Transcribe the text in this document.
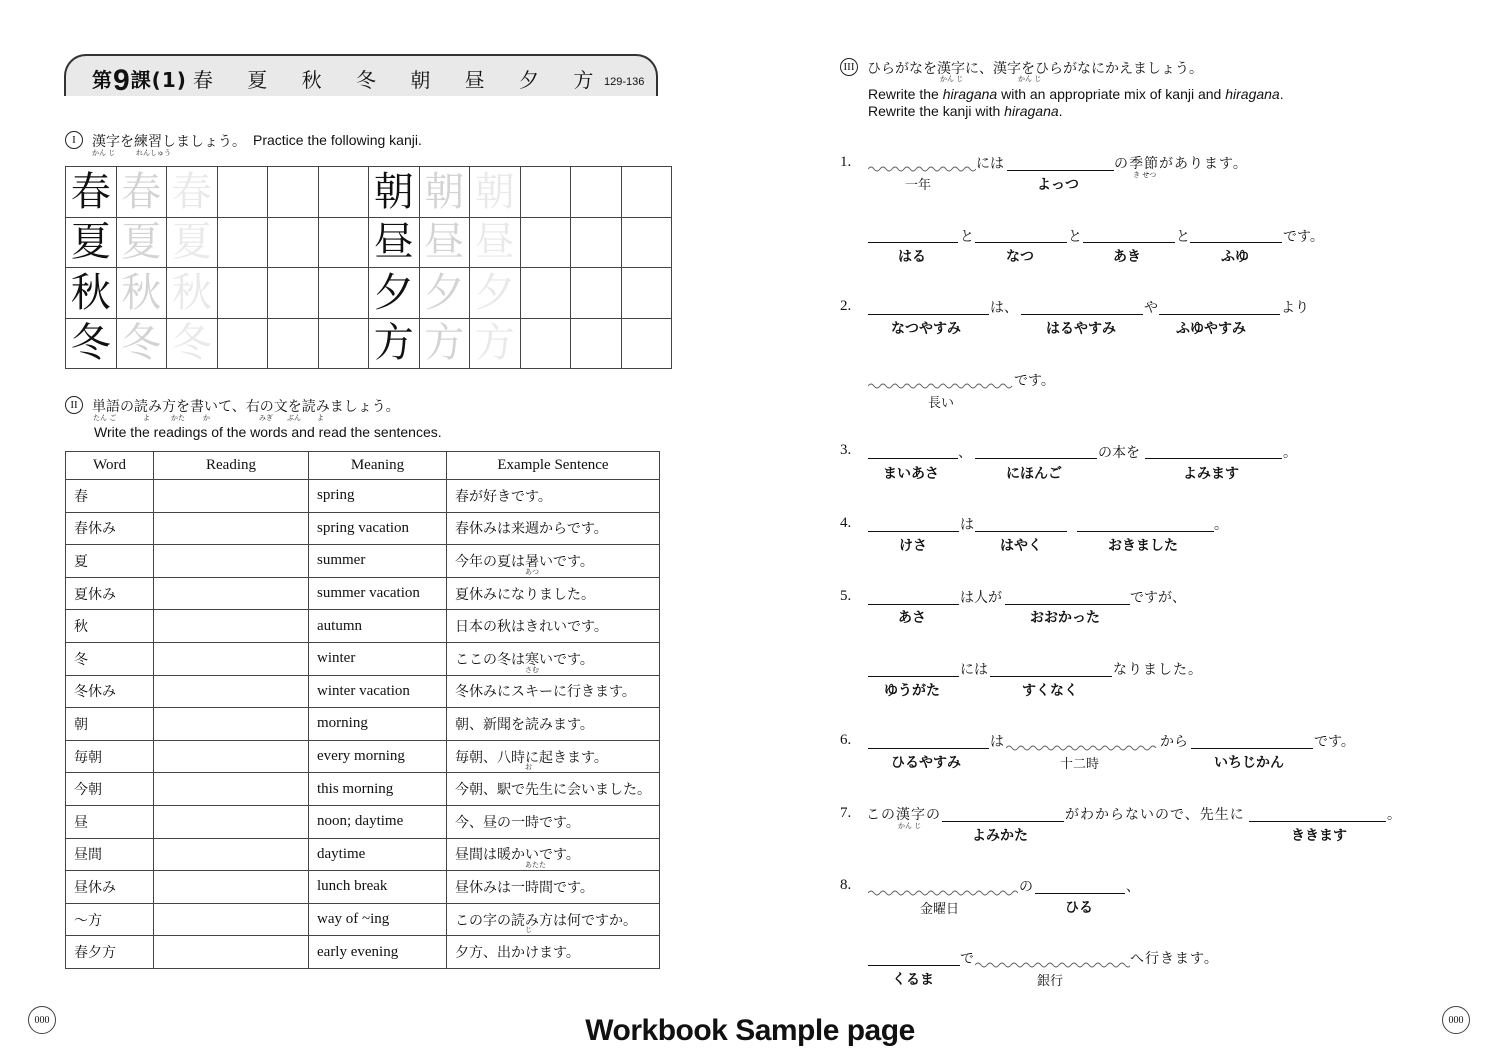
第9課(1) 春 夏 秋 冬 朝 昼 夕 方
129-136
I	漢字を練習しましょう。 Practice the following kanji.
かん じ	れんしゅう
春	春	春				朝	朝	朝			
夏	夏	夏				昼	昼	昼			
秋	秋	秋				夕	夕	夕			
冬	冬	冬				方	方	方			
II	単語の読み方を書いて、右の文を読みましょう。
たん ご	よ	かた	か	みぎ ぶん よ
Write the readings of the words and read the sentences.
Word	Reading	Meaning	Example Sentence
春		spring	春が好きです。
春休み		spring vacation	春休みは来週からです。
夏		summer	今年の夏は暑いです。
あつ

夏休み		summer vacation	夏休みになりました。
秋		autumn	日本の秋はきれいです。
冬		winter	ここの冬は寒いです。
さむ

冬休み		winter vacation	冬休みにスキーに行きます。
朝		morning	朝、新聞を読みます。
毎朝		every morning	毎朝、八時に起きます。
お

今朝		this morning	今朝、駅で先生に会いました。
昼		noon; daytime	今、昼の一時です。
昼間		daytime	昼間は暖かいです。
あたた

昼休み		lunch break	昼休みは一時間です。
～方		way of ~ing	この字の読み方は何ですか。
じ

春夕方		early evening	夕方、出かけます。
III ひらがなを漢字に、漢字をひらがなにかえましょう。
かん じ	かん じ
Rewrite the hiragana with an appropriate mix of kanji and hiragana.
Rewrite the kanji with hiragana.
1.	には	の季節があります。
き せつ
一年	よっつ
と	と	と	です。
はる	なつ	あき	ふゆ
2.	は、	や	より
なつやすみ	はるやすみ	ふゆやすみ
です。
長い
3.	、	の本を	。
まいあさ	にほんご	よみます
4.	は	。
けさ	はやく	おきました
5.	は人が	ですが、
あさ	おおかった
には	なりました。
ゆうがた	すくなく
6.	は	から	です。
ひるやすみ	十二時	いちじかん
7. この漢字の
かん じ
がわからないので、先生に	。
よみかた	ききます
8.	の	、
金曜日	ひる
で	へ行きます。
くるま	銀行
000	000
Workbook Sample page
